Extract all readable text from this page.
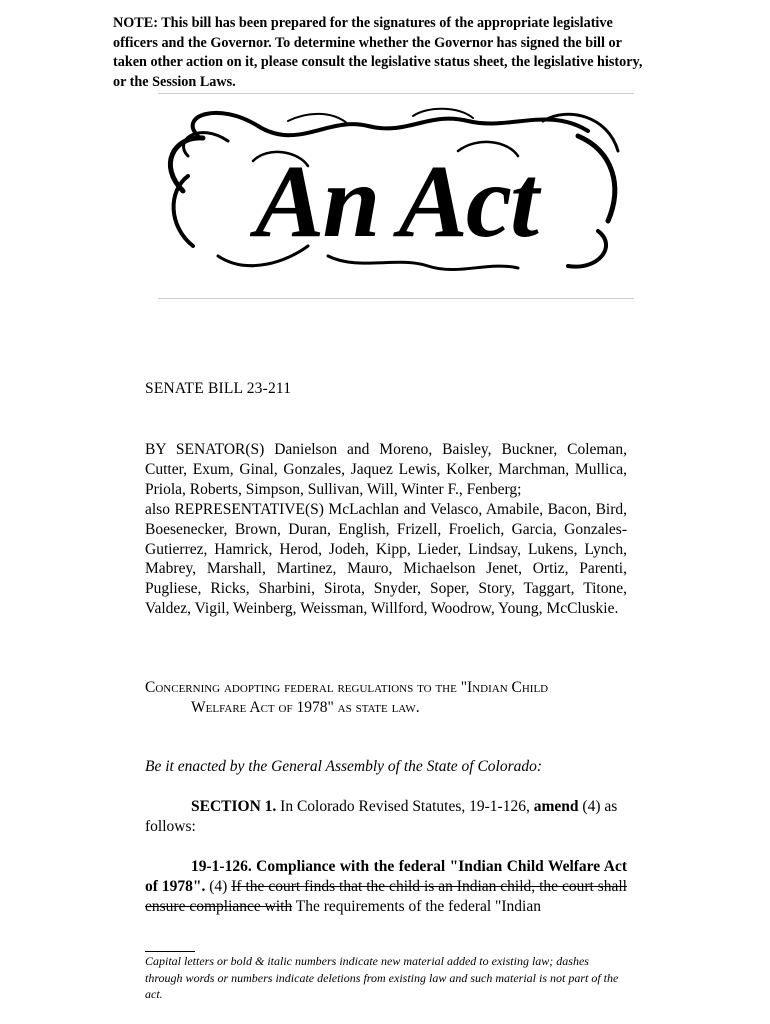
NOTE: This bill has been prepared for the signatures of the appropriate legislative officers and the Governor. To determine whether the Governor has signed the bill or taken other action on it, please consult the legislative status sheet, the legislative history, or the Session Laws.
An Act
SENATE BILL 23-211

BY SENATOR(S) Danielson and Moreno, Baisley, Buckner, Coleman, Cutter, Exum, Ginal, Gonzales, Jaquez Lewis, Kolker, Marchman, Mullica, Priola, Roberts, Simpson, Sullivan, Will, Winter F., Fenberg;

also REPRESENTATIVE(S) McLachlan and Velasco, Amabile, Bacon, Bird, Boesenecker, Brown, Duran, English, Frizell, Froelich, Garcia, Gonzales-Gutierrez, Hamrick, Herod, Jodeh, Kipp, Lieder, Lindsay, Lukens, Lynch, Mabrey, Marshall, Martinez, Mauro, Michaelson Jenet, Ortiz, Parenti, Pugliese, Ricks, Sharbini, Sirota, Snyder, Soper, Story, Taggart, Titone, Valdez, Vigil, Weinberg, Weissman, Willford, Woodrow, Young, McCluskie.

Concerning adopting federal regulations to the "Indian Child
Welfare Act of 1978" as state law.
Be it enacted by the General Assembly of the State of Colorado:
SECTION 1. In Colorado Revised Statutes, 19-1-126, amend (4) as follows:
19-1-126. Compliance with the federal "Indian Child Welfare Act of 1978". (4) If the court finds that the child is an Indian child, the court shall ensure compliance with The requirements of the federal "Indian
Capital letters or bold & italic numbers indicate new material added to existing law; dashes through words or numbers indicate deletions from existing law and such material is not part of the act.
